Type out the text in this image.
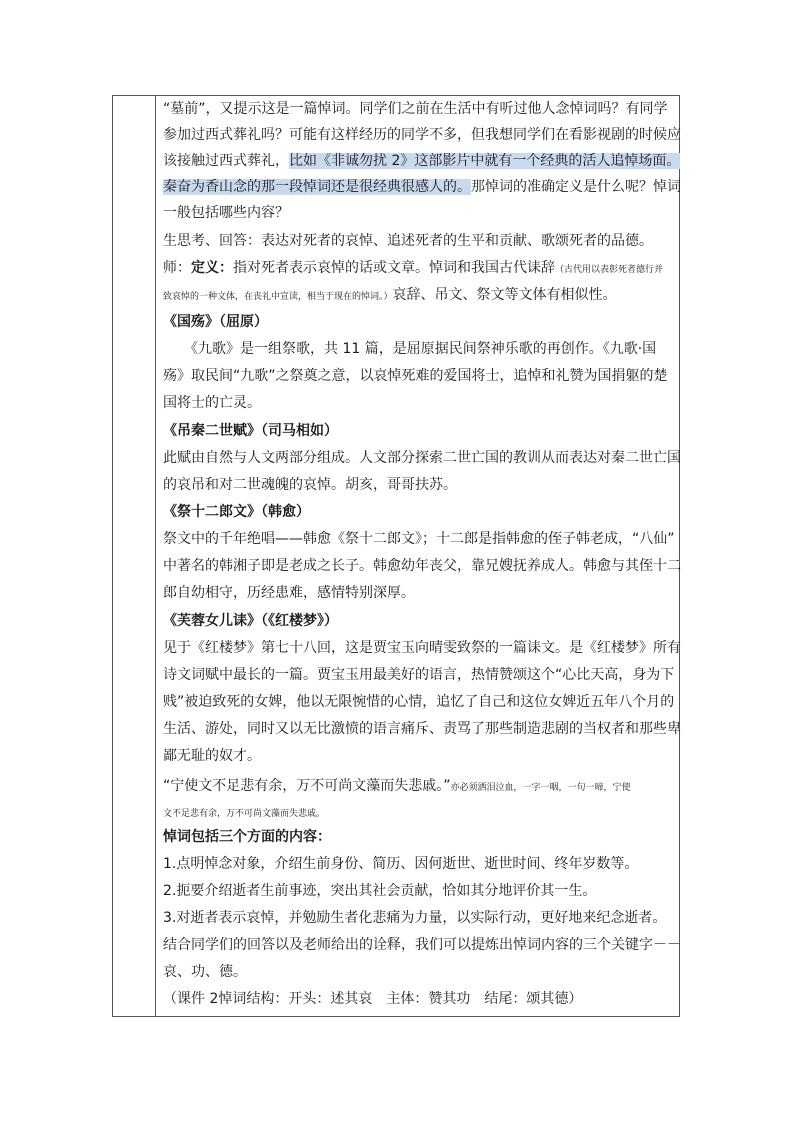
“墓前”，又提示这是一篇悼词。同学们之前在生活中有听过他人念悼词吗？有同学
参加过西式葬礼吗？可能有这样经历的同学不多，但我想同学们在看影视剧的时候应
该接触过西式葬礼，比如《非诚勿扰 2》这部影片中就有一个经典的活人追悼场面。
秦奋为香山念的那一段悼词还是很经典很感人的。那悼词的准确定义是什么呢？悼词
一般包括哪些内容？
生思考、回答：表达对死者的哀悼、追述死者的生平和贡献、歌颂死者的品德。
师：定义：指对死者表示哀悼的话或文章。悼词和我国古代诔辞（古代用以表彰死者德行并
致哀悼的一种文体，在丧礼中宣读，相当于现在的悼词。）哀辞、吊文、祭文等文体有相似性。
《国殇》（屈原）
　　《九歌》是一组祭歌，共 11 篇，是屈原据民间祭神乐歌的再创作。《九歌·国
殇》取民间“九歌”之祭奠之意，以哀悼死难的爱国将士，追悼和礼赞为国捐躯的楚
国将士的亡灵。
《吊秦二世赋》（司马相如）
此赋由自然与人文两部分组成。人文部分探索二世亡国的教训从而表达对秦二世亡国
的哀吊和对二世魂魄的哀悼。胡亥，哥哥扶苏。
《祭十二郎文》（韩愈）
祭文中的千年绝唱——韩愈《祭十二郎文》；十二郎是指韩愈的侄子韩老成，“八仙”
中著名的韩湘子即是老成之长子。韩愈幼年丧父，靠兄嫂抚养成人。韩愈与其侄十二
郎自幼相守，历经患难，感情特别深厚。
《芙蓉女儿诔》（《红楼梦》）
见于《红楼梦》第七十八回，这是贾宝玉向晴雯致祭的一篇诔文。是《红楼梦》所有
诗文词赋中最长的一篇。贾宝玉用最美好的语言，热情赞颂这个“心比天高，身为下
贱”被迫致死的女婢，他以无限惋惜的心情，追忆了自己和这位女婢近五年八个月的
生活、游处，同时又以无比激愤的语言痛斥、责骂了那些制造悲剧的当权者和那些卑
鄙无耻的奴才。
“宁使文不足悲有余，万不可尚文藻而失悲戚。”亦必须洒泪泣血，一字一咽，一句一啼，宁使
文不足悲有余，万不可尚文藻而失悲戚。
悼词包括三个方面的内容：
1.点明悼念对象，介绍生前身份、简历、因何逝世、逝世时间、终年岁数等。
2.扼要介绍逝者生前事迹，突出其社会贡献，恰如其分地评价其一生。
3.对逝者表示哀悼，并勉励生者化悲痛为力量，以实际行动，更好地来纪念逝者。
结合同学们的回答以及老师给出的诠释，我们可以提炼出悼词内容的三个关键字－－
哀、功、德。
（课件 2悼词结构：开头：述其哀　主体：赞其功　结尾：颂其德）
